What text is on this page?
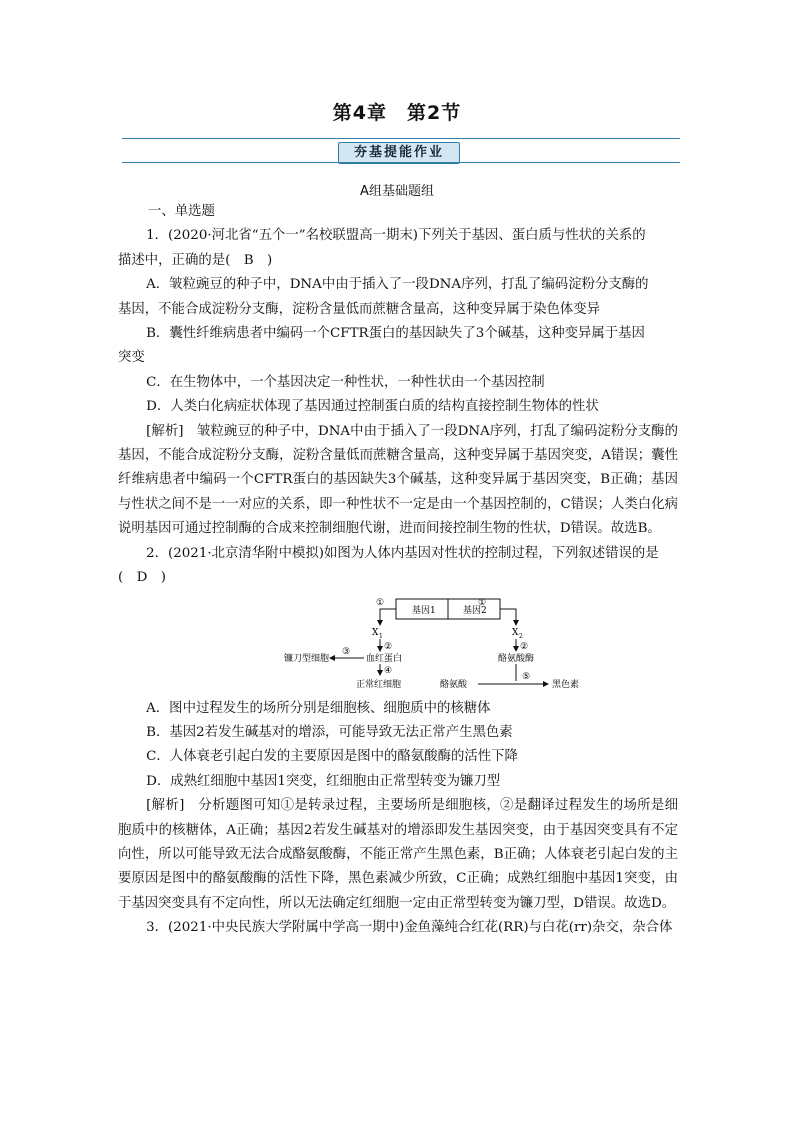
第4章　第2节
夯基提能作业
A组基础题组

一、单选题

1．(2020·河北省“五个一”名校联盟高一期末)下列关于基因、蛋白质与性状的关系的

描述中，正确的是(　B　)

A．皱粒豌豆的种子中，DNA中由于插入了一段DNA序列，打乱了编码淀粉分支酶的

基因，不能合成淀粉分支酶，淀粉含量低而蔗糖含量高，这种变异属于染色体变异

B．囊性纤维病患者中编码一个CFTR蛋白的基因缺失了3个碱基，这种变异属于基因

突变

C．在生物体中，一个基因决定一种性状，一种性状由一个基因控制

D．人类白化病症状体现了基因通过控制蛋白质的结构直接控制生物体的性状

[解析]　皱粒豌豆的种子中，DNA中由于插入了一段DNA序列，打乱了编码淀粉分支酶的基因，不能合成淀粉分支酶，淀粉含量低而蔗糖含量高，这种变异属于基因突变，A错误；囊性纤维病患者中编码一个CFTR蛋白的基因缺失3个碱基，这种变异属于基因突变，B正确；基因与性状之间不是一一对应的关系，即一种性状不一定是由一个基因控制的，C错误；人类白化病说明基因可通过控制酶的合成来控制细胞代谢，进而间接控制生物的性状，D错误。故选B。

2．(2021·北京清华附中模拟)如图为人体内基因对性状的控制过程，下列叙述错误的是

(　D　)

基因1	基因2
①
X 1
①
X 2
②
血红蛋白
③
镰刀型细胞
④
正常红细胞
②
酪氨酸酶
酪氨酸
⑤
黑色素

A．图中过程发生的场所分别是细胞核、细胞质中的核糖体

B．基因2若发生碱基对的增添，可能导致无法正常产生黑色素

C．人体衰老引起白发的主要原因是图中的酪氨酸酶的活性下降

D．成熟红细胞中基因1突变，红细胞由正常型转变为镰刀型

[解析]　分析题图可知①是转录过程，主要场所是细胞核，②是翻译过程发生的场所是细胞质中的核糖体，A正确；基因2若发生碱基对的增添即发生基因突变，由于基因突变具有不定向性，所以可能导致无法合成酪氨酸酶，不能正常产生黑色素，B正确；人体衰老引起白发的主要原因是图中的酪氨酸酶的活性下降，黑色素减少所致，C正确；成熟红细胞中基因1突变，由于基因突变具有不定向性，所以无法确定红细胞一定由正常型转变为镰刀型，D错误。故选D。

3．(2021·中央民族大学附属中学高一期中)金鱼藻纯合红花(RR)与白花(rr)杂交，杂合体
